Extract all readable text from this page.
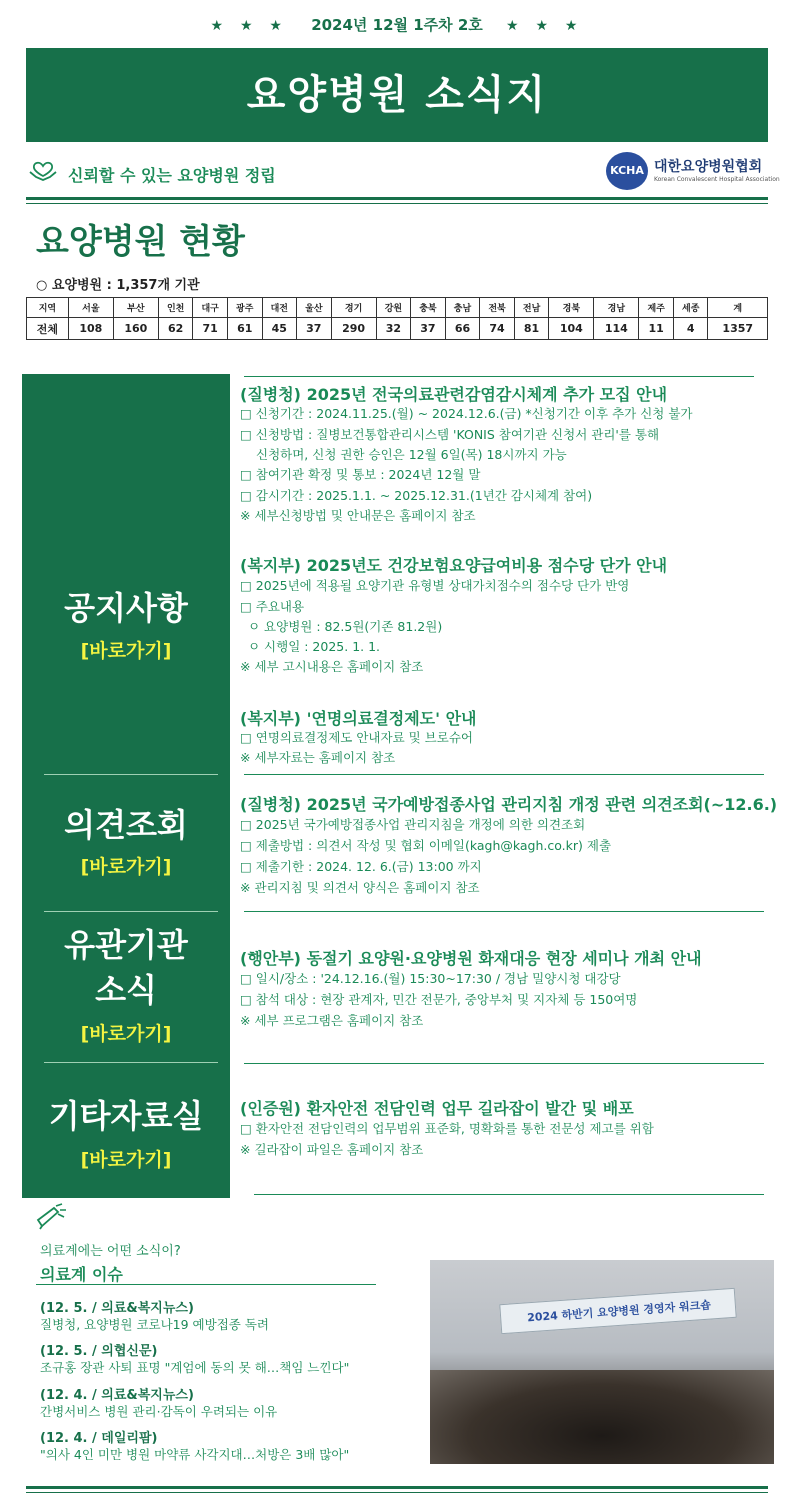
★ ★ ★ 2024년 12월 1주차 2호 ★ ★ ★
요양병원 소식지
신뢰할 수 있는 요양병원 정립	KCHA 대한요양병원협회
Korean Convalescent Hospital Association
요양병원 현황
○ 요양병원 : 1,357개 기관
지역	서울	부산	인천	대구	광주	대전	울산	경기	강원	충북	충남	전북	전남	경북	경남	제주	세종	계
전체	108	160	62	71	61	45	37	290	32	37	66	74	81	104	114	11	4	1357
공지사항
[바로가기]
의견조회
[바로가기]
유관기관
소식
[바로가기]
기타자료실
[바로가기]
(질병청) 2025년 전국의료관련감염감시체계 추가 모집 안내
□ 신청기간 : 2024.11.25.(월) ~ 2024.12.6.(금) *신청기간 이후 추가 신청 불가
□ 신청방법 : 질병보건통합관리시스템 'KONIS 참여기관 신청서 관리'를 통해
신청하며, 신청 권한 승인은 12월 6일(목) 18시까지 가능
□ 참여기관 확정 및 통보 : 2024년 12월 말
□ 감시기간 : 2025.1.1. ~ 2025.12.31.(1년간 감시체계 참여)
※ 세부신청방법 및 안내문은 홈페이지 참조
(복지부) 2025년도 건강보험요양급여비용 점수당 단가 안내
□ 2025년에 적용될 요양기관 유형별 상대가치점수의 점수당 단가 반영
□ 주요내용
ㅇ 요양병원 : 82.5원(기존 81.2원)
ㅇ 시행일 : 2025. 1. 1.
※ 세부 고시내용은 홈페이지 참조
(복지부) '연명의료결정제도' 안내
□ 연명의료결정제도 안내자료 및 브로슈어
※ 세부자료는 홈페이지 참조
(질병청) 2025년 국가예방접종사업 관리지침 개정 관련 의견조회(~12.6.)
□ 2025년 국가예방접종사업 관리지침을 개정에 의한 의견조회
□ 제출방법 : 의견서 작성 및 협회 이메일(kagh@kagh.co.kr) 제출
□ 제출기한 : 2024. 12. 6.(금) 13:00 까지
※ 관리지침 및 의견서 양식은 홈페이지 참조
(행안부) 동절기 요양원·요양병원 화재대응 현장 세미나 개최 안내
□ 일시/장소 : '24.12.16.(월) 15:30~17:30 / 경남 밀양시청 대강당
□ 참석 대상 : 현장 관계자, 민간 전문가, 중앙부처 및 지자체 등 150여명
※ 세부 프로그램은 홈페이지 참조
(인증원) 환자안전 전담인력 업무 길라잡이 발간 및 배포
□ 환자안전 전담인력의 업무범위 표준화, 명확화를 통한 전문성 제고를 위함
※ 길라잡이 파일은 홈페이지 참조
의료계에는 어떤 소식이?
의료계 이슈
(12. 5. / 의료&복지뉴스)
질병청, 요양병원 코로나19 예방접종 독려
(12. 5. / 의협신문)
조규홍 장관 사퇴 표명 "계엄에 동의 못 해…책임 느낀다"
(12. 4. / 의료&복지뉴스)
간병서비스 병원 관리·감독이 우려되는 이유
(12. 4. / 데일리팜)
"의사 4인 미만 병원 마약류 사각지대…처방은 3배 많아"
2024 하반기 요양병원 경영자 워크숍
